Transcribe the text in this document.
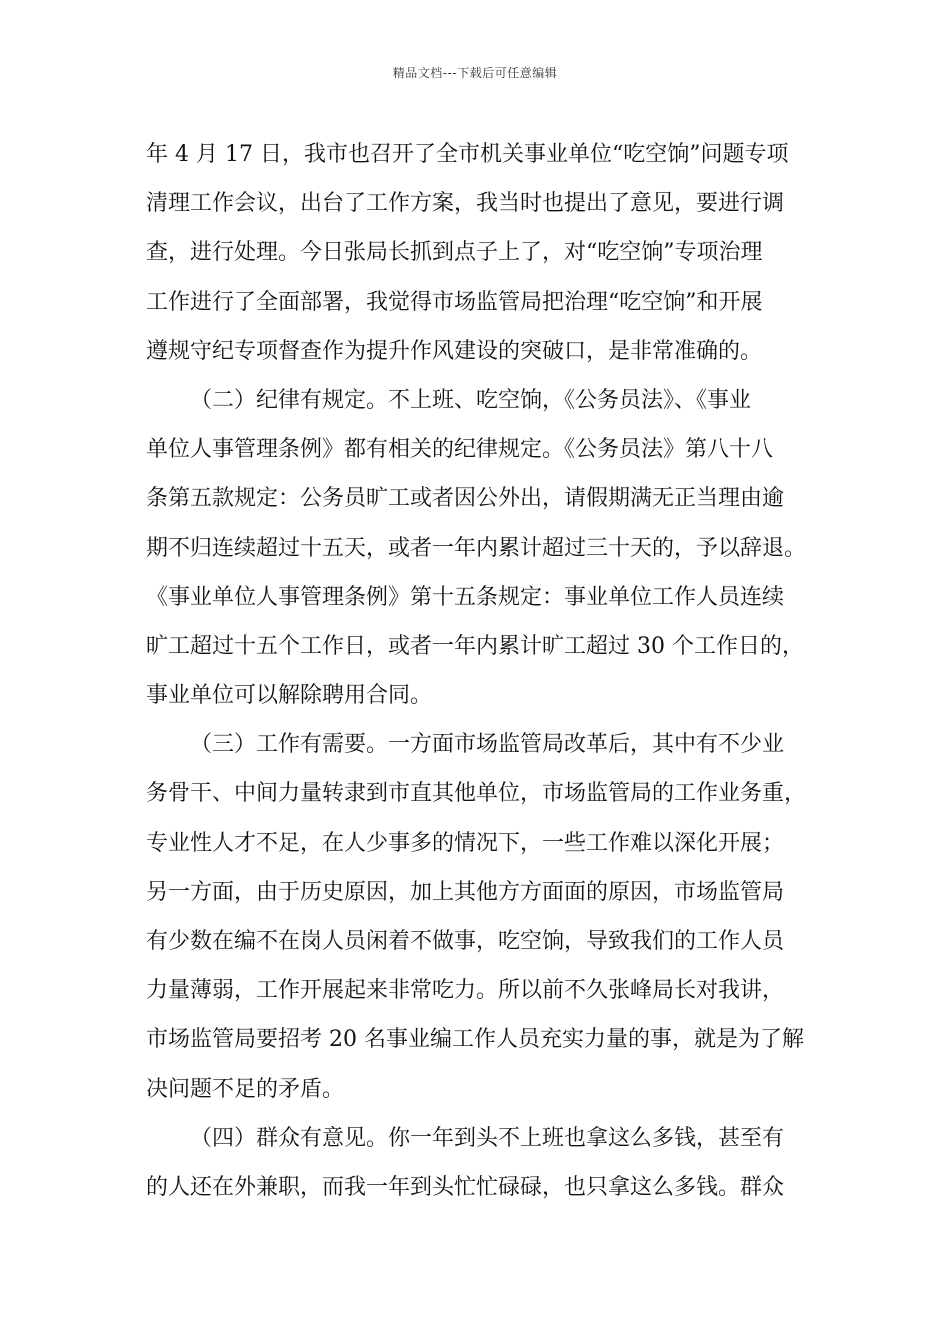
精品文档---下载后可任意编辑
年 4 月 17 日，我市也召开了全市机关事业单位“吃空饷”问题专项
清理工作会议，出台了工作方案，我当时也提出了意见，要进行调
查，进行处理。今日张局长抓到点子上了，对“吃空饷”专项治理
工作进行了全面部署，我觉得市场监管局把治理“吃空饷”和开展
遵规守纪专项督查作为提升作风建设的突破口，是非常准确的。
（二）纪律有规定。不上班、吃空饷，《公务员法》、《事业
单位人事管理条例》都有相关的纪律规定。《公务员法》第八十八
条第五款规定：公务员旷工或者因公外出，请假期满无正当理由逾
期不归连续超过十五天，或者一年内累计超过三十天的，予以辞退。
《事业单位人事管理条例》第十五条规定：事业单位工作人员连续
旷工超过十五个工作日，或者一年内累计旷工超过 30 个工作日的，
事业单位可以解除聘用合同。
（三）工作有需要。一方面市场监管局改革后，其中有不少业
务骨干、中间力量转隶到市直其他单位，市场监管局的工作业务重，
专业性人才不足，在人少事多的情况下，一些工作难以深化开展；
另一方面，由于历史原因，加上其他方方面面的原因，市场监管局
有少数在编不在岗人员闲着不做事，吃空饷，导致我们的工作人员
力量薄弱，工作开展起来非常吃力。所以前不久张峰局长对我讲，
市场监管局要招考 20 名事业编工作人员充实力量的事，就是为了解
决问题不足的矛盾。
（四）群众有意见。你一年到头不上班也拿这么多钱，甚至有
的人还在外兼职，而我一年到头忙忙碌碌，也只拿这么多钱。群众
